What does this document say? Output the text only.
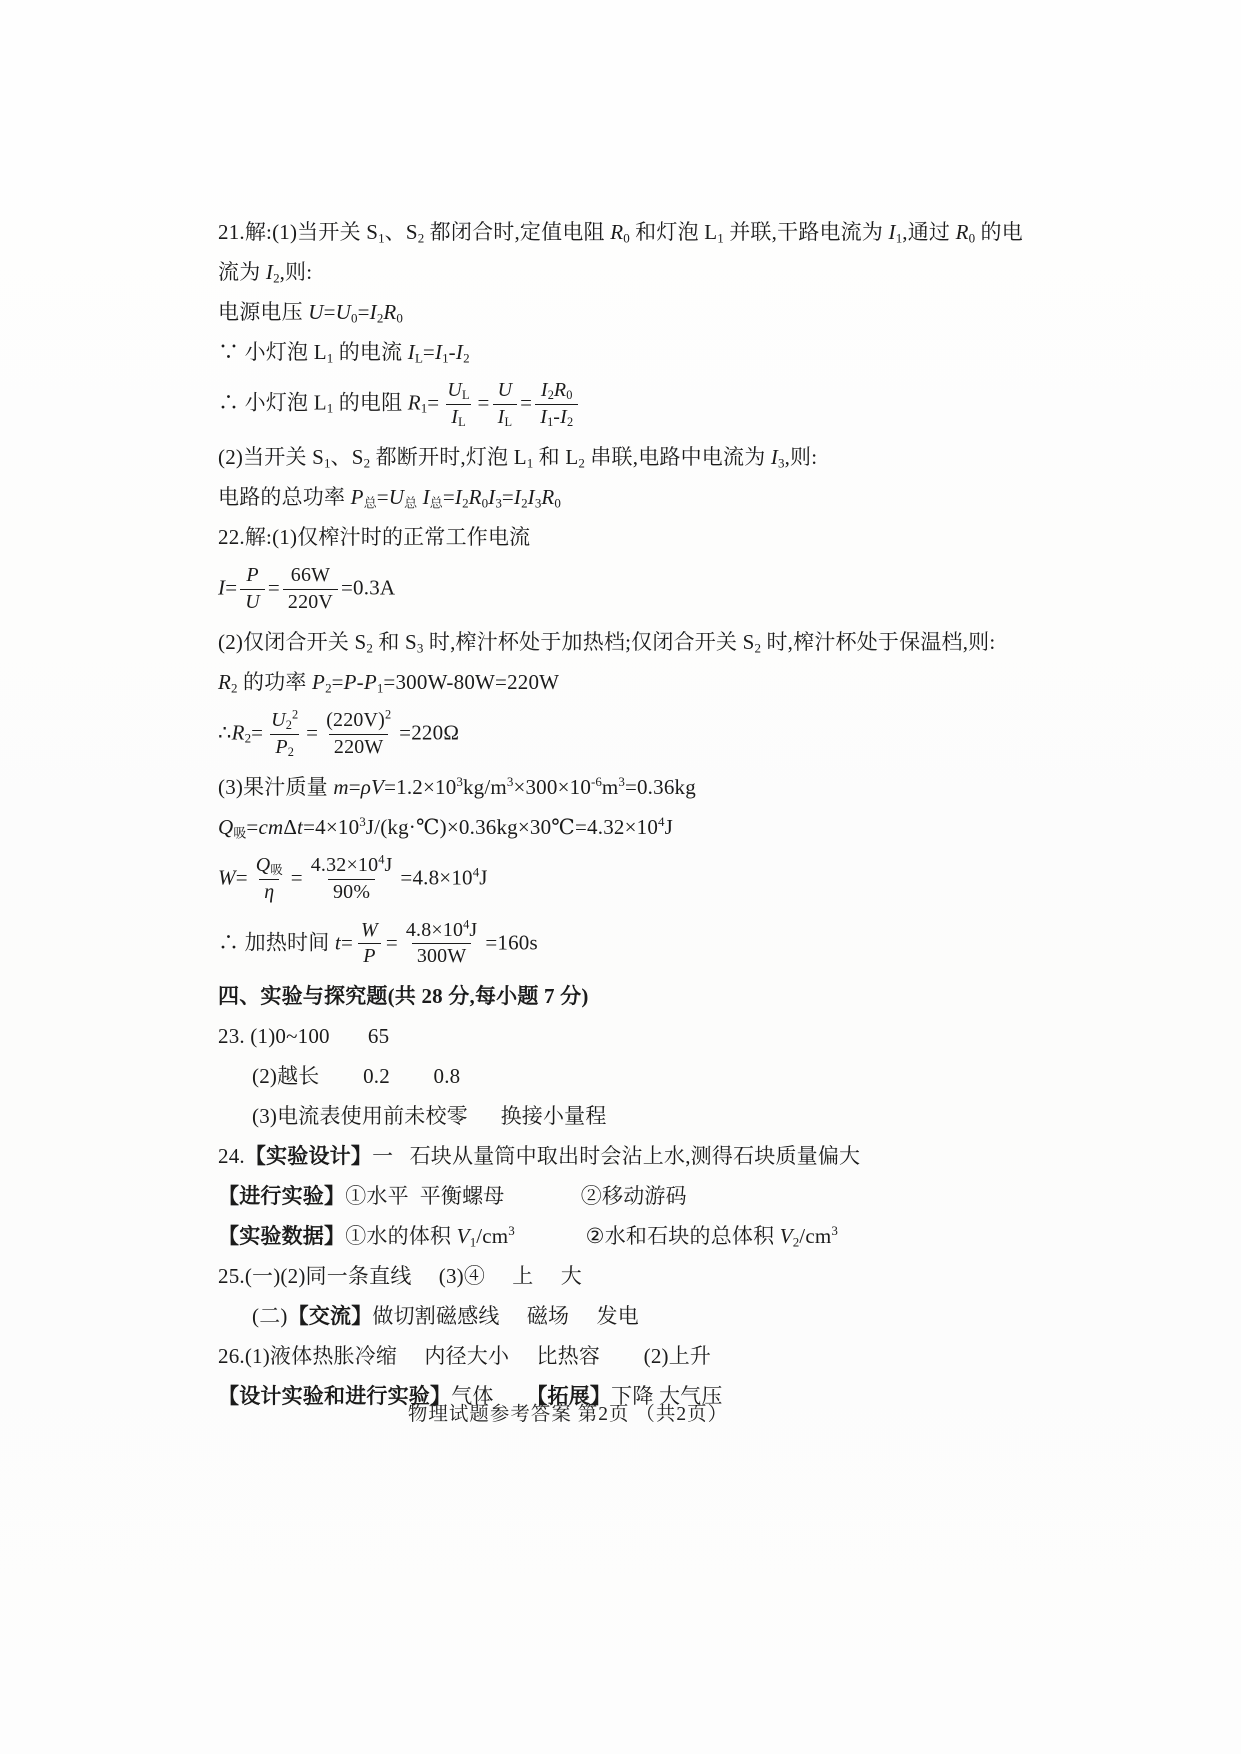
21.解:(1)当开关 $S_1$、$S_2$ 都闭合时,定值电阻 $R_0$ 和灯泡 $L_1$ 并联,干路电流为 $I_1$,通过 $R_0$ 的电
流为 $I_2$,则:
电源电压 $U=U_0=I_2R_0$
∵ 小灯泡 $L_1$ 的电流 $I_L=I_1-I_2$
∴ 小灯泡 $L_1$ 的电阻 $R_1= \frac{U_L}{I_L} = \frac{U}{I_L} = \frac{I_2R_0}{I_1-I_2}$
(2)当开关 $S_1$、$S_2$ 都断开时,灯泡 $L_1$ 和 $L_2$ 串联,电路中电流为 $I_3$,则:
电路的总功率 $P_总=U_总$ $I_总=I_2R_0I_3=I_2I_3R_0$
22.解:(1)仅榨汁时的正常工作电流
$I= \frac{P}{U} = \frac{66W}{220V} =0.3A$
(2)仅闭合开关 $S_2$ 和 $S_3$ 时,榨汁杯处于加热档;仅闭合开关 $S_2$ 时,榨汁杯处于保温档,则:
$R_2$ 的功率 $P_2=P-P_1=300W-80W=220W$
$\therefore R_2= \frac{U_2^2}{P_2} = \frac{(220V)^2}{220W} =220\Omega$
(3)果汁质量 $m=\rho V=1.2\times 10^3kg/m^3\times 300\times 10^{-6}m^3=0.36kg$
$Q_吸=cm\Delta t=4\times 10^3J/(kg\cdot℃)\times 0.36kg\times 30℃=4.32\times 10^4J$
$W= \frac{Q_吸}{\eta} = \frac{4.32\times 10^4J}{90\%} =4.8\times 10^4J$
∴ 加热时间 $t= \frac{W}{P} = \frac{4.8\times 10^4J}{300W} =160s$
四、实验与探究题(共 28 分,每小题 7 分)
23. (1)0~100       65
(2)越长        0.2        0.8
(3)电流表使用前未校零      换接小量程
24.【实验设计】一   石块从量筒中取出时会沾上水,测得石块质量偏大
【进行实验】①水平  平衡螺母              ②移动游码
【实验数据】①水的体积 $V_1/cm^3$             ②水和石块的总体积 $V_2/cm^3$
25.(一)(2)同一条直线     (3)④     上     大
(二)【交流】做切割磁感线     磁场     发电
26.(1)液体热胀冷缩     内径大小     比热容        (2)上升
【设计实验和进行实验】气体      【拓展】下降 大气压
物理试题参考答案 第2页 （共2页）
